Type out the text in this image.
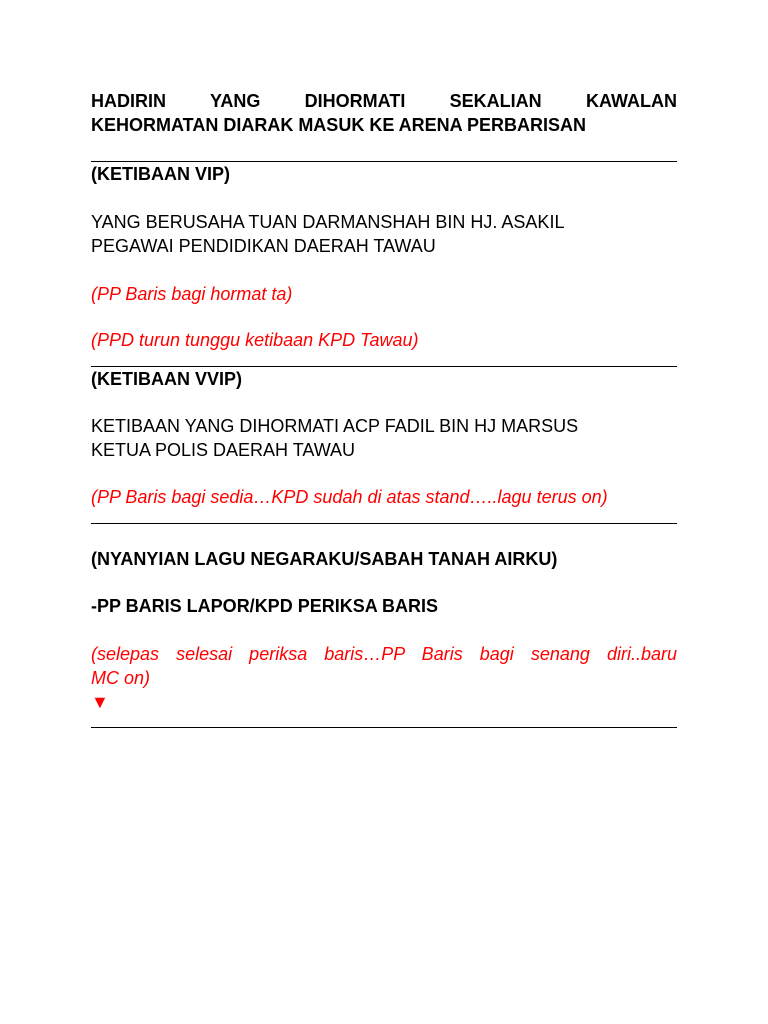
HADIRIN YANG DIHORMATI SEKALIAN KAWALAN

KEHORMATAN DIARAK MASUK KE ARENA PERBARISAN

(KETIBAAN VIP)

YANG BERUSAHA TUAN DARMANSHAH BIN HJ. ASAKIL

PEGAWAI PENDIDIKAN DAERAH TAWAU

(PP Baris bagi hormat ta)

(PPD turun tunggu ketibaan KPD Tawau)

(KETIBAAN VVIP)

KETIBAAN YANG DIHORMATI ACP FADIL BIN HJ MARSUS

KETUA POLIS DAERAH TAWAU

(PP Baris bagi sedia…KPD sudah di atas stand…..lagu terus on)

(NYANYIAN LAGU NEGARAKU/SABAH TANAH AIRKU)

-PP BARIS LAPOR/KPD PERIKSA BARIS

(selepas selesai periksa baris…PP Baris bagi senang diri..baru

MC on)

▼
